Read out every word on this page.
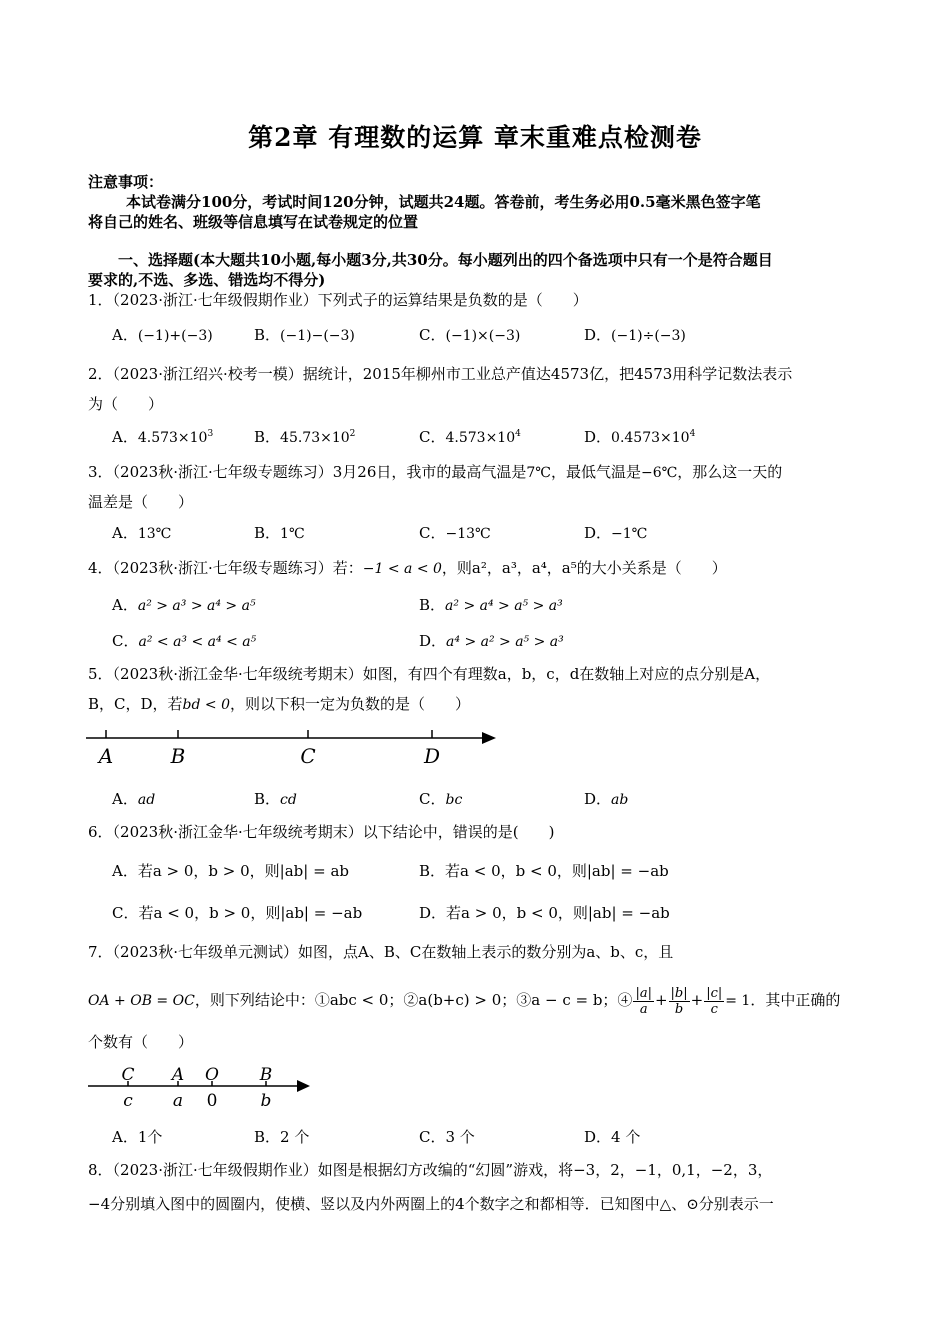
第2章 有理数的运算 章末重难点检测卷
注意事项：
本试卷满分100分，考试时间120分钟，试题共24题。答卷前，考生务必用0.5毫米黑色签字笔
将自己的姓名、班级等信息填写在试卷规定的位置
一、选择题(本大题共10小题,每小题3分,共30分。每小题列出的四个备选项中只有一个是符合题目
要求的,不选、多选、错选均不得分)
1．（2023·浙江·七年级假期作业）下列式子的运算结果是负数的是（　　）
A．(−1)+(−3)	B．(−1)−(−3)	C．(−1)×(−3)	D．(−1)÷(−3)
2．（2023·浙江绍兴·校考一模）据统计，2015年柳州市工业总产值达4573亿，把4573用科学记数法表示
为（　　）
A．$4.573\times 10^3$	B．$45.73\times 10^2$	C．$4.573\times 10^4$	D．$0.4573\times 10^4$
3．（2023秋·浙江·七年级专题练习）3月26日，我市的最高气温是7℃，最低气温是−6℃，那么这一天的
温差是（　　）
A．13℃	B．1℃	C．−13℃	D．−1℃
4．（2023秋·浙江·七年级专题练习）若：−1 < a < 0，则a²，a³，a⁴，a⁵的大小关系是（　　）
A．a² > a³ > a⁴ > a⁵	B．a² > a⁴ > a⁵ > a³
C．a² < a³ < a⁴ < a⁵	D．a⁴ > a² > a⁵ > a³
5．（2023秋·浙江金华·七年级统考期末）如图，有四个有理数a，b，c，d在数轴上对应的点分别是A，
B，C，D，若bd < 0，则以下积一定为负数的是（　　）
A	B	C	D
A．ad	B．cd	C．bc	D．ab
6．（2023秋·浙江金华·七年级统考期末）以下结论中，错误的是(　　)
A．若a > 0，b > 0，则|ab| = ab	B．若a < 0，b < 0，则|ab| = −ab
C．若a < 0，b > 0，则|ab| = −ab	D．若a > 0，b < 0，则|ab| = −ab
7．（2023秋·七年级单元测试）如图，点A、B、C在数轴上表示的数分别为a、b、c，且
OA + OB = OC，则下列结论中：①abc < 0；②a(b+c) > 0；③a − c = b；④ $\frac{|a|}{a} + \frac{|b|}{b} + \frac{|c|}{c} = 1$．其中正确的
个数有（　　）
C A O B
c a 0	b
A．1个	B．2 个	C．3 个	D．4 个
8．（2023·浙江·七年级假期作业）如图是根据幻方改编的“幻圆”游戏，将−3，2，−1，0,1，−2，3，
−4分别填入图中的圆圈内，使横、竖以及内外两圈上的4个数字之和都相等．已知图中△、⊙分别表示一
